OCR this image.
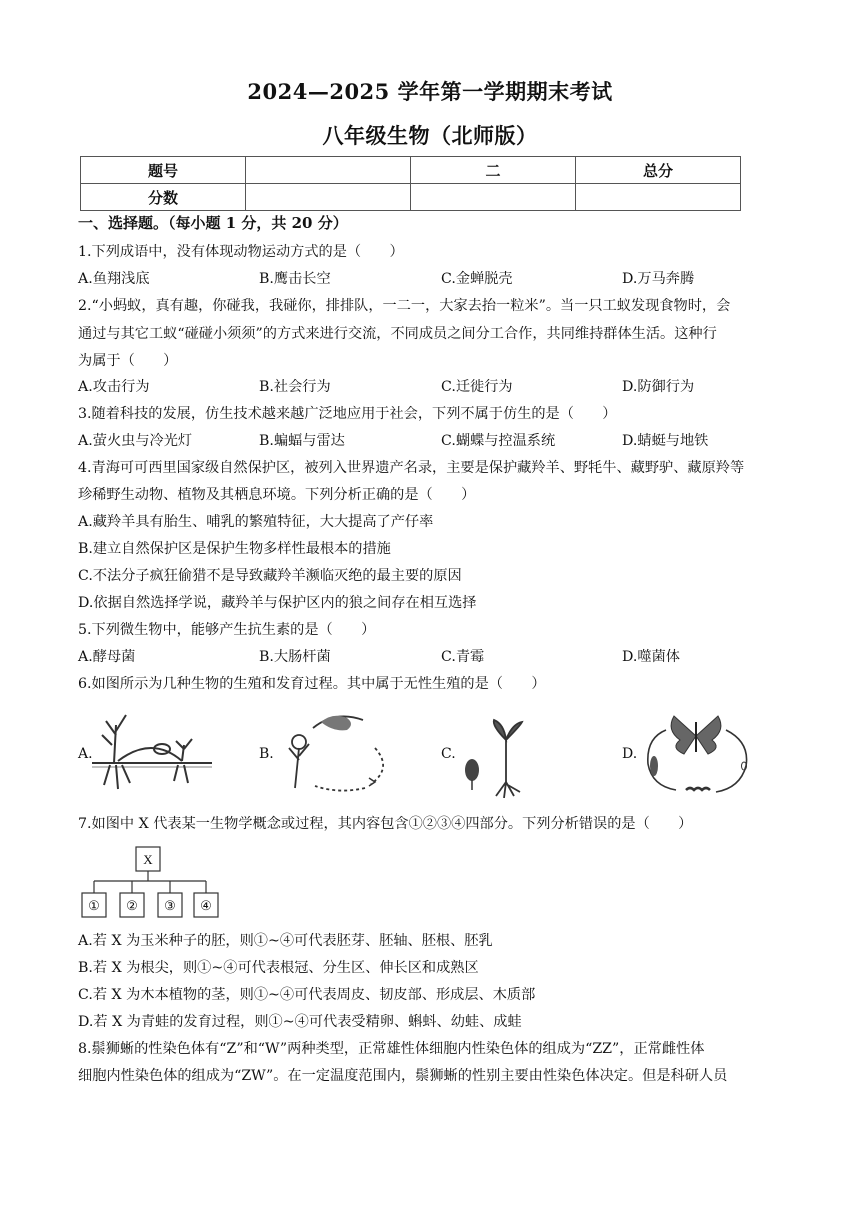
2024—2025 学年第一学期期末考试
八年级生物（北师版）
题号		二	总分
分数			
一、选择题。（每小题 1 分，共 20 分）
1.下列成语中，没有体现动物运动方式的是（　　）
A.鱼翔浅底	B.鹰击长空	C.金蝉脱壳	D.万马奔腾
2.“小蚂蚁，真有趣，你碰我，我碰你，排排队，一二一，大家去抬一粒米”。当一只工蚁发现食物时，会
通过与其它工蚁“碰碰小须须”的方式来进行交流，不同成员之间分工合作，共同维持群体生活。这种行
为属于（　　）
A.攻击行为	B.社会行为	C.迁徙行为	D.防御行为
3.随着科技的发展，仿生技术越来越广泛地应用于社会，下列不属于仿生的是（　　）
A.萤火虫与冷光灯	B.蝙蝠与雷达	C.蝴蝶与控温系统	D.蜻蜓与地铁
4.青海可可西里国家级自然保护区，被列入世界遗产名录，主要是保护藏羚羊、野牦牛、藏野驴、藏原羚等
珍稀野生动物、植物及其栖息环境。下列分析正确的是（　　）
A.藏羚羊具有胎生、哺乳的繁殖特征，大大提高了产仔率
B.建立自然保护区是保护生物多样性最根本的措施
C.不法分子疯狂偷猎不是导致藏羚羊濒临灭绝的最主要的原因
D.依据自然选择学说，藏羚羊与保护区内的狼之间存在相互选择
5.下列微生物中，能够产生抗生素的是（　　）
A.酵母菌	B.大肠杆菌	C.青霉	D.噬菌体
6.如图所示为几种生物的生殖和发育过程。其中属于无性生殖的是（　　）
A.	B.	C.	D.
7.如图中 X 代表某一生物学概念或过程，其内容包含①②③④四部分。下列分析错误的是（　　）
X
① ② ③ ④
A.若 X 为玉米种子的胚，则①~④可代表胚芽、胚轴、胚根、胚乳
B.若 X 为根尖，则①~④可代表根冠、分生区、伸长区和成熟区
C.若 X 为木本植物的茎，则①~④可代表周皮、韧皮部、形成层、木质部
D.若 X 为青蛙的发育过程，则①~④可代表受精卵、蝌蚪、幼蛙、成蛙
8.鬃狮蜥的性染色体有“Z”和“W”两种类型，正常雄性体细胞内性染色体的组成为“ZZ”，正常雌性体
细胞内性染色体的组成为“ZW”。在一定温度范围内，鬃狮蜥的性别主要由性染色体决定。但是科研人员
